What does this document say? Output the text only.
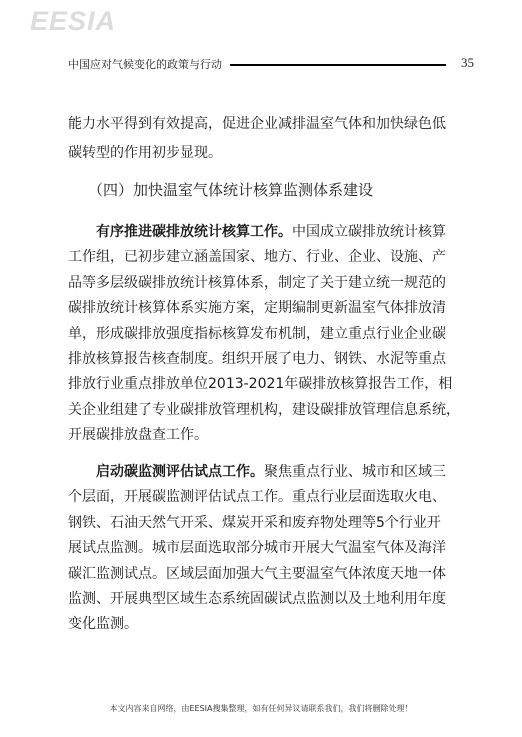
EESIA
中国应对气候变化的政策与行动	35
能力水平得到有效提高，促进企业减排温室气体和加快绿色低
碳转型的作用初步显现。
（四）加快温室气体统计核算监测体系建设
有序推进碳排放统计核算工作。中国成立碳排放统计核算
工作组，已初步建立涵盖国家、地方、行业、企业、设施、产
品等多层级碳排放统计核算体系，制定了关于建立统一规范的
碳排放统计核算体系实施方案，定期编制更新温室气体排放清
单，形成碳排放强度指标核算发布机制，建立重点行业企业碳
排放核算报告核查制度。组织开展了电力、钢铁、水泥等重点
排放行业重点排放单位2013-2021年碳排放核算报告工作，相
关企业组建了专业碳排放管理机构，建设碳排放管理信息系统，
开展碳排放盘查工作。
启动碳监测评估试点工作。聚焦重点行业、城市和区域三
个层面，开展碳监测评估试点工作。重点行业层面选取火电、
钢铁、石油天然气开采、煤炭开采和废弃物处理等5个行业开
展试点监测。城市层面选取部分城市开展大气温室气体及海洋
碳汇监测试点。区域层面加强大气主要温室气体浓度天地一体
监测、开展典型区域生态系统固碳试点监测以及土地利用年度
变化监测。
本文内容来自网络，由EESIA搜集整理，如有任何异议请联系我们，我们将删除处理！
